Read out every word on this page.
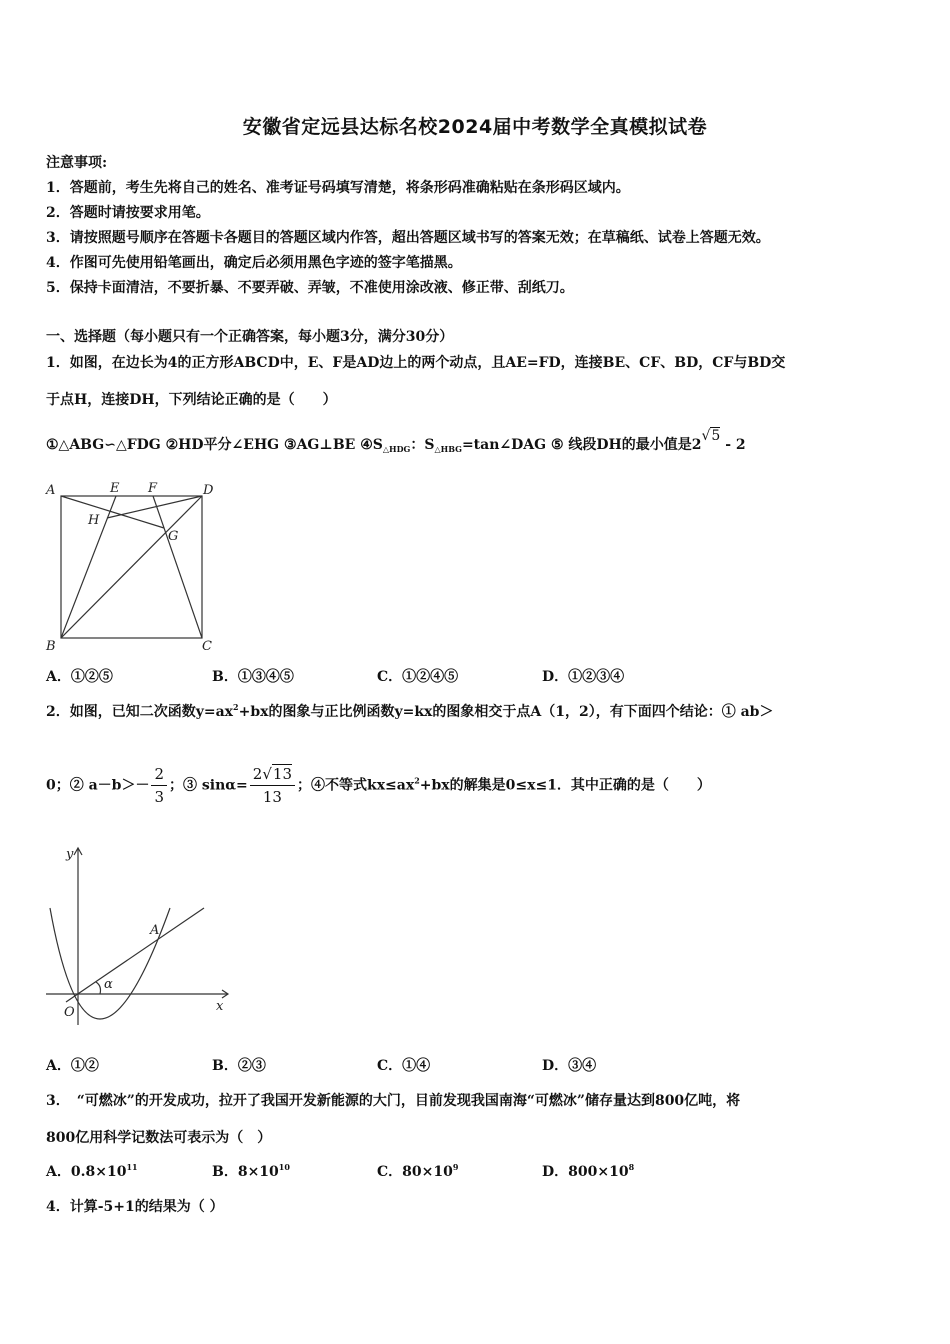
安徽省定远县达标名校2024届中考数学全真模拟试卷
注意事项:
1．答题前，考生先将自己的姓名、准考证号码填写清楚，将条形码准确粘贴在条形码区域内。
2．答题时请按要求用笔。
3．请按照题号顺序在答题卡各题目的答题区域内作答，超出答题区域书写的答案无效；在草稿纸、试卷上答题无效。
4．作图可先使用铅笔画出，确定后必须用黑色字迹的签字笔描黑。
5．保持卡面清洁，不要折暴、不要弄破、弄皱，不准使用涂改液、修正带、刮纸刀。
一、选择题（每小题只有一个正确答案，每小题3分，满分30分）
1．如图，在边长为4的正方形ABCD中，E、F是AD边上的两个动点，且AE=FD，连接BE、CF、BD，CF与BD交
于点H，连接DH，下列结论正确的是（　　）
①△ABG∽△FDG ②HD平分∠EHG ③AG⊥BE $④S_{\triangle HDG}$：$S_{\triangle HBG}=\tan\angle DAG$ ⑤ 线段DH的最小值是2√5 - 2
A	E F	D
H
G
B	C
A．①②⑤	B．①③④⑤	C．①②④⑤	D．①②③④
2．如图，已知二次函数$y=ax^2+bx$的图象与正比例函数y=kx的图象相交于点A（1，2），有下面四个结论：① ab＞
0；② $a-b>- \frac{2}{3}$ ；③ $\sin\alpha= \frac{2√13}{13}$ ；④不等式$kx\le ax^2+bx$的解集是0≤x≤1．其中正确的是（　　）
y
A
α
O	x
A．①②	B．②③	C．①④	D．③④
3．　“可燃冰”的开发成功，拉开了我国开发新能源的大门，目前发现我国南海“可燃冰”储存量达到800亿吨，将
800亿用科学记数法可表示为（　）
A．$0.8\times 10^{11}$	B．$8\times 10^{10}$	C．$80\times 10^9$	D．$800\times 10^8$
4．计算-5+1的结果为（ ）
